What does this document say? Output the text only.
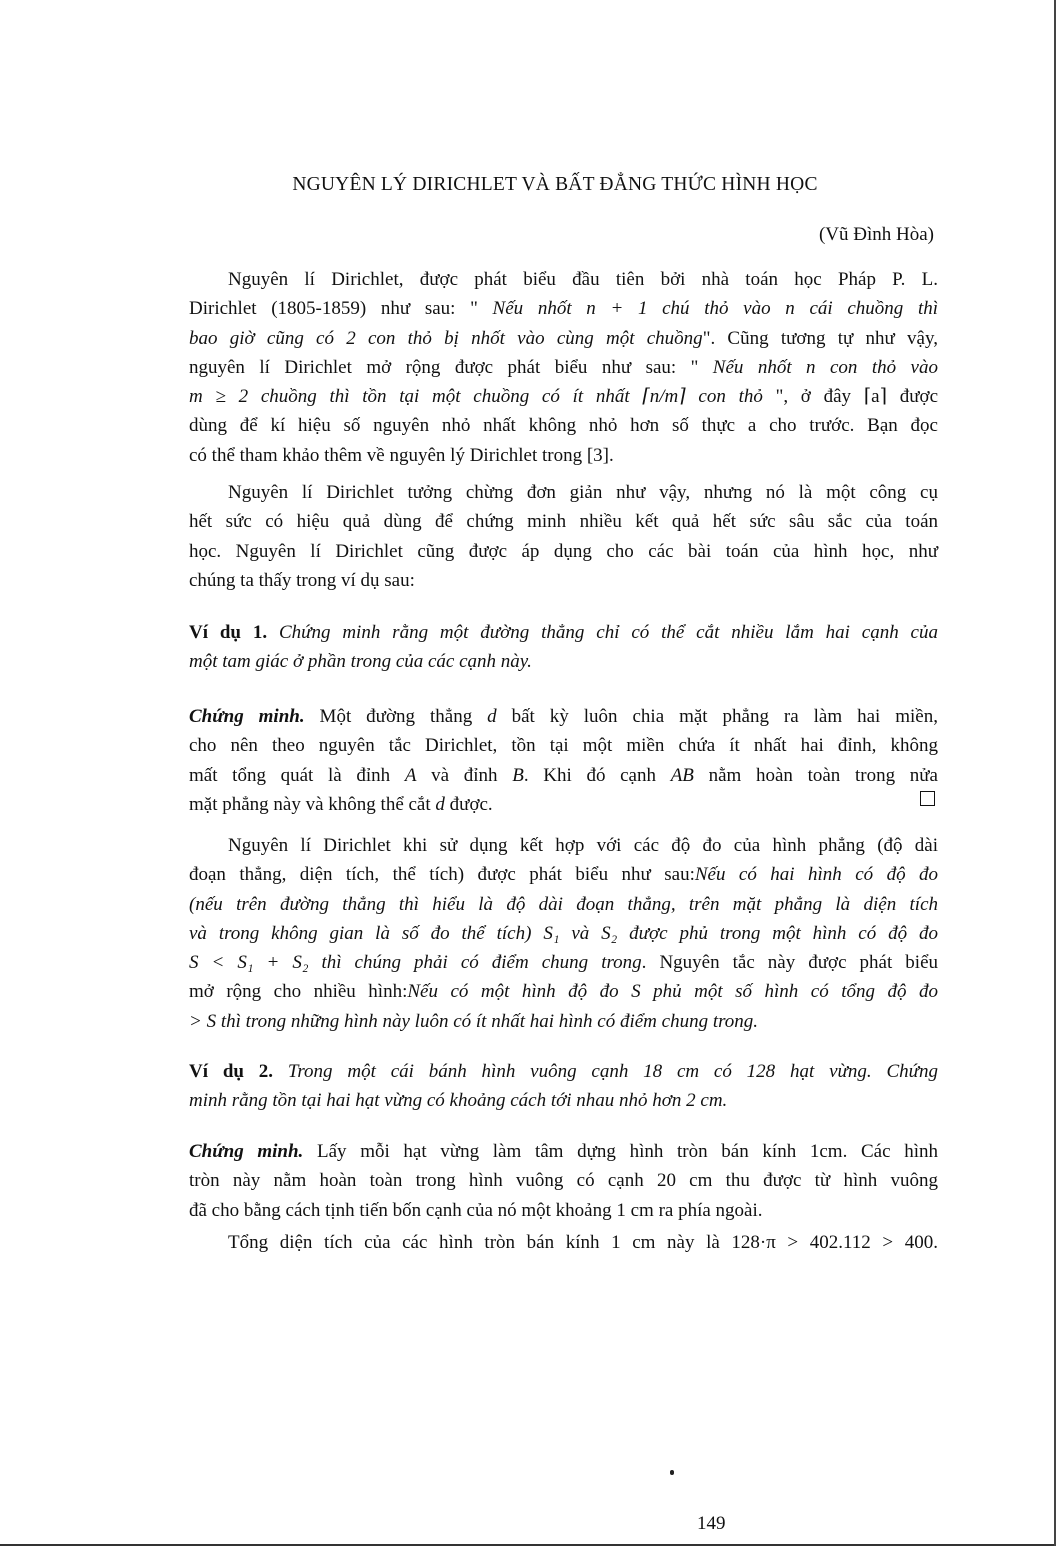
NGUYÊN LÝ DIRICHLET VÀ BẤT ĐẲNG THỨC HÌNH HỌC
(Vũ Đình Hòa)
Nguyên lí Dirichlet, được phát biểu đầu tiên bởi nhà toán học Pháp P. L.
Dirichlet (1805-1859) như sau: " Nếu nhốt n + 1 chú thỏ vào n cái chuồng thì
bao giờ cũng có 2 con thỏ bị nhốt vào cùng một chuồng". Cũng tương tự như vậy,
nguyên lí Dirichlet mở rộng được phát biểu như sau: " Nếu nhốt n con thỏ vào
m ≥ 2 chuồng thì tồn tại một chuồng có ít nhất ⌈n/m⌉ con thỏ ", ở đây ⌈a⌉ được
dùng để kí hiệu số nguyên nhỏ nhất không nhỏ hơn số thực a cho trước. Bạn đọc
có thể tham khảo thêm về nguyên lý Dirichlet trong [3].
Nguyên lí Dirichlet tưởng chừng đơn giản như vậy, nhưng nó là một công cụ
hết sức có hiệu quả dùng để chứng minh nhiều kết quả hết sức sâu sắc của toán
học. Nguyên lí Dirichlet cũng được áp dụng cho các bài toán của hình học, như
chúng ta thấy trong ví dụ sau:
Ví dụ 1. Chứng minh rằng một đường thẳng chỉ có thể cắt nhiều lắm hai cạnh của
một tam giác ở phần trong của các cạnh này.
Chứng minh. Một đường thẳng d bất kỳ luôn chia mặt phẳng ra làm hai miền,
cho nên theo nguyên tắc Dirichlet, tồn tại một miền chứa ít nhất hai đỉnh, không
mất tổng quát là đỉnh A và đỉnh B. Khi đó cạnh AB nằm hoàn toàn trong nửa
mặt phẳng này và không thể cắt d được.
Nguyên lí Dirichlet khi sử dụng kết hợp với các độ đo của hình phẳng (độ dài
đoạn thẳng, diện tích, thể tích) được phát biểu như sau:Nếu có hai hình có độ đo
(nếu trên đường thẳng thì hiểu là độ dài đoạn thẳng, trên mặt phẳng là diện tích
và trong không gian là số đo thể tích) S₁ và S₂ được phủ trong một hình có độ đo
S < S₁ + S₂ thì chúng phải có điểm chung trong. Nguyên tắc này được phát biểu
mở rộng cho nhiều hình:Nếu có một hình độ đo S phủ một số hình có tổng độ đo
> S thì trong những hình này luôn có ít nhất hai hình có điểm chung trong.
Ví dụ 2. Trong một cái bánh hình vuông cạnh 18 cm có 128 hạt vừng. Chứng
minh rằng tồn tại hai hạt vừng có khoảng cách tới nhau nhỏ hơn 2 cm.
Chứng minh. Lấy mỗi hạt vừng làm tâm dựng hình tròn bán kính 1cm. Các hình
tròn này nằm hoàn toàn trong hình vuông có cạnh 20 cm thu được từ hình vuông
đã cho bằng cách tịnh tiến bốn cạnh của nó một khoảng 1 cm ra phía ngoài.
Tổng diện tích của các hình tròn bán kính 1 cm này là 128·π > 402.112 > 400.
149
